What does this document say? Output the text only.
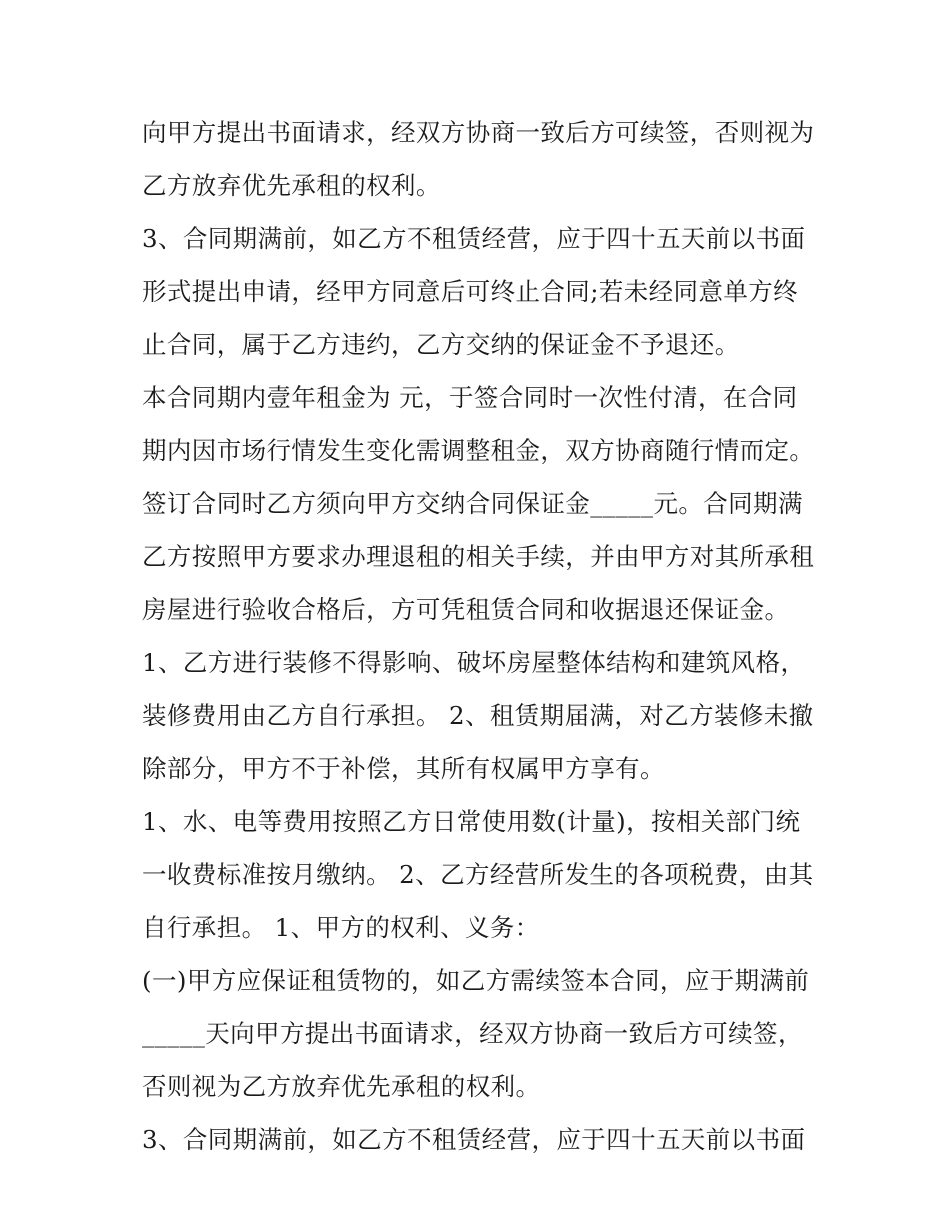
向甲方提出书面请求，经双方协商一致后方可续签，否则视为
乙方放弃优先承租的权利。
3、合同期满前，如乙方不租赁经营，应于四十五天前以书面
形式提出申请，经甲方同意后可终止合同;若未经同意单方终
止合同，属于乙方违约，乙方交纳的保证金不予退还。
本合同期内壹年租金为 元，于签合同时一次性付清，在合同
期内因市场行情发生变化需调整租金，双方协商随行情而定。
签订合同时乙方须向甲方交纳合同保证金_____元。合同期满
乙方按照甲方要求办理退租的相关手续，并由甲方对其所承租
房屋进行验收合格后，方可凭租赁合同和收据退还保证金。
1、乙方进行装修不得影响、破坏房屋整体结构和建筑风格，
装修费用由乙方自行承担。 2、租赁期届满，对乙方装修未撤
除部分，甲方不于补偿，其所有权属甲方享有。
1、水、电等费用按照乙方日常使用数(计量)，按相关部门统
一收费标准按月缴纳。 2、乙方经营所发生的各项税费，由其
自行承担。 1、甲方的权利、义务：
(一)甲方应保证租赁物的，如乙方需续签本合同，应于期满前
_____天向甲方提出书面请求，经双方协商一致后方可续签，
否则视为乙方放弃优先承租的权利。
3、合同期满前，如乙方不租赁经营，应于四十五天前以书面
